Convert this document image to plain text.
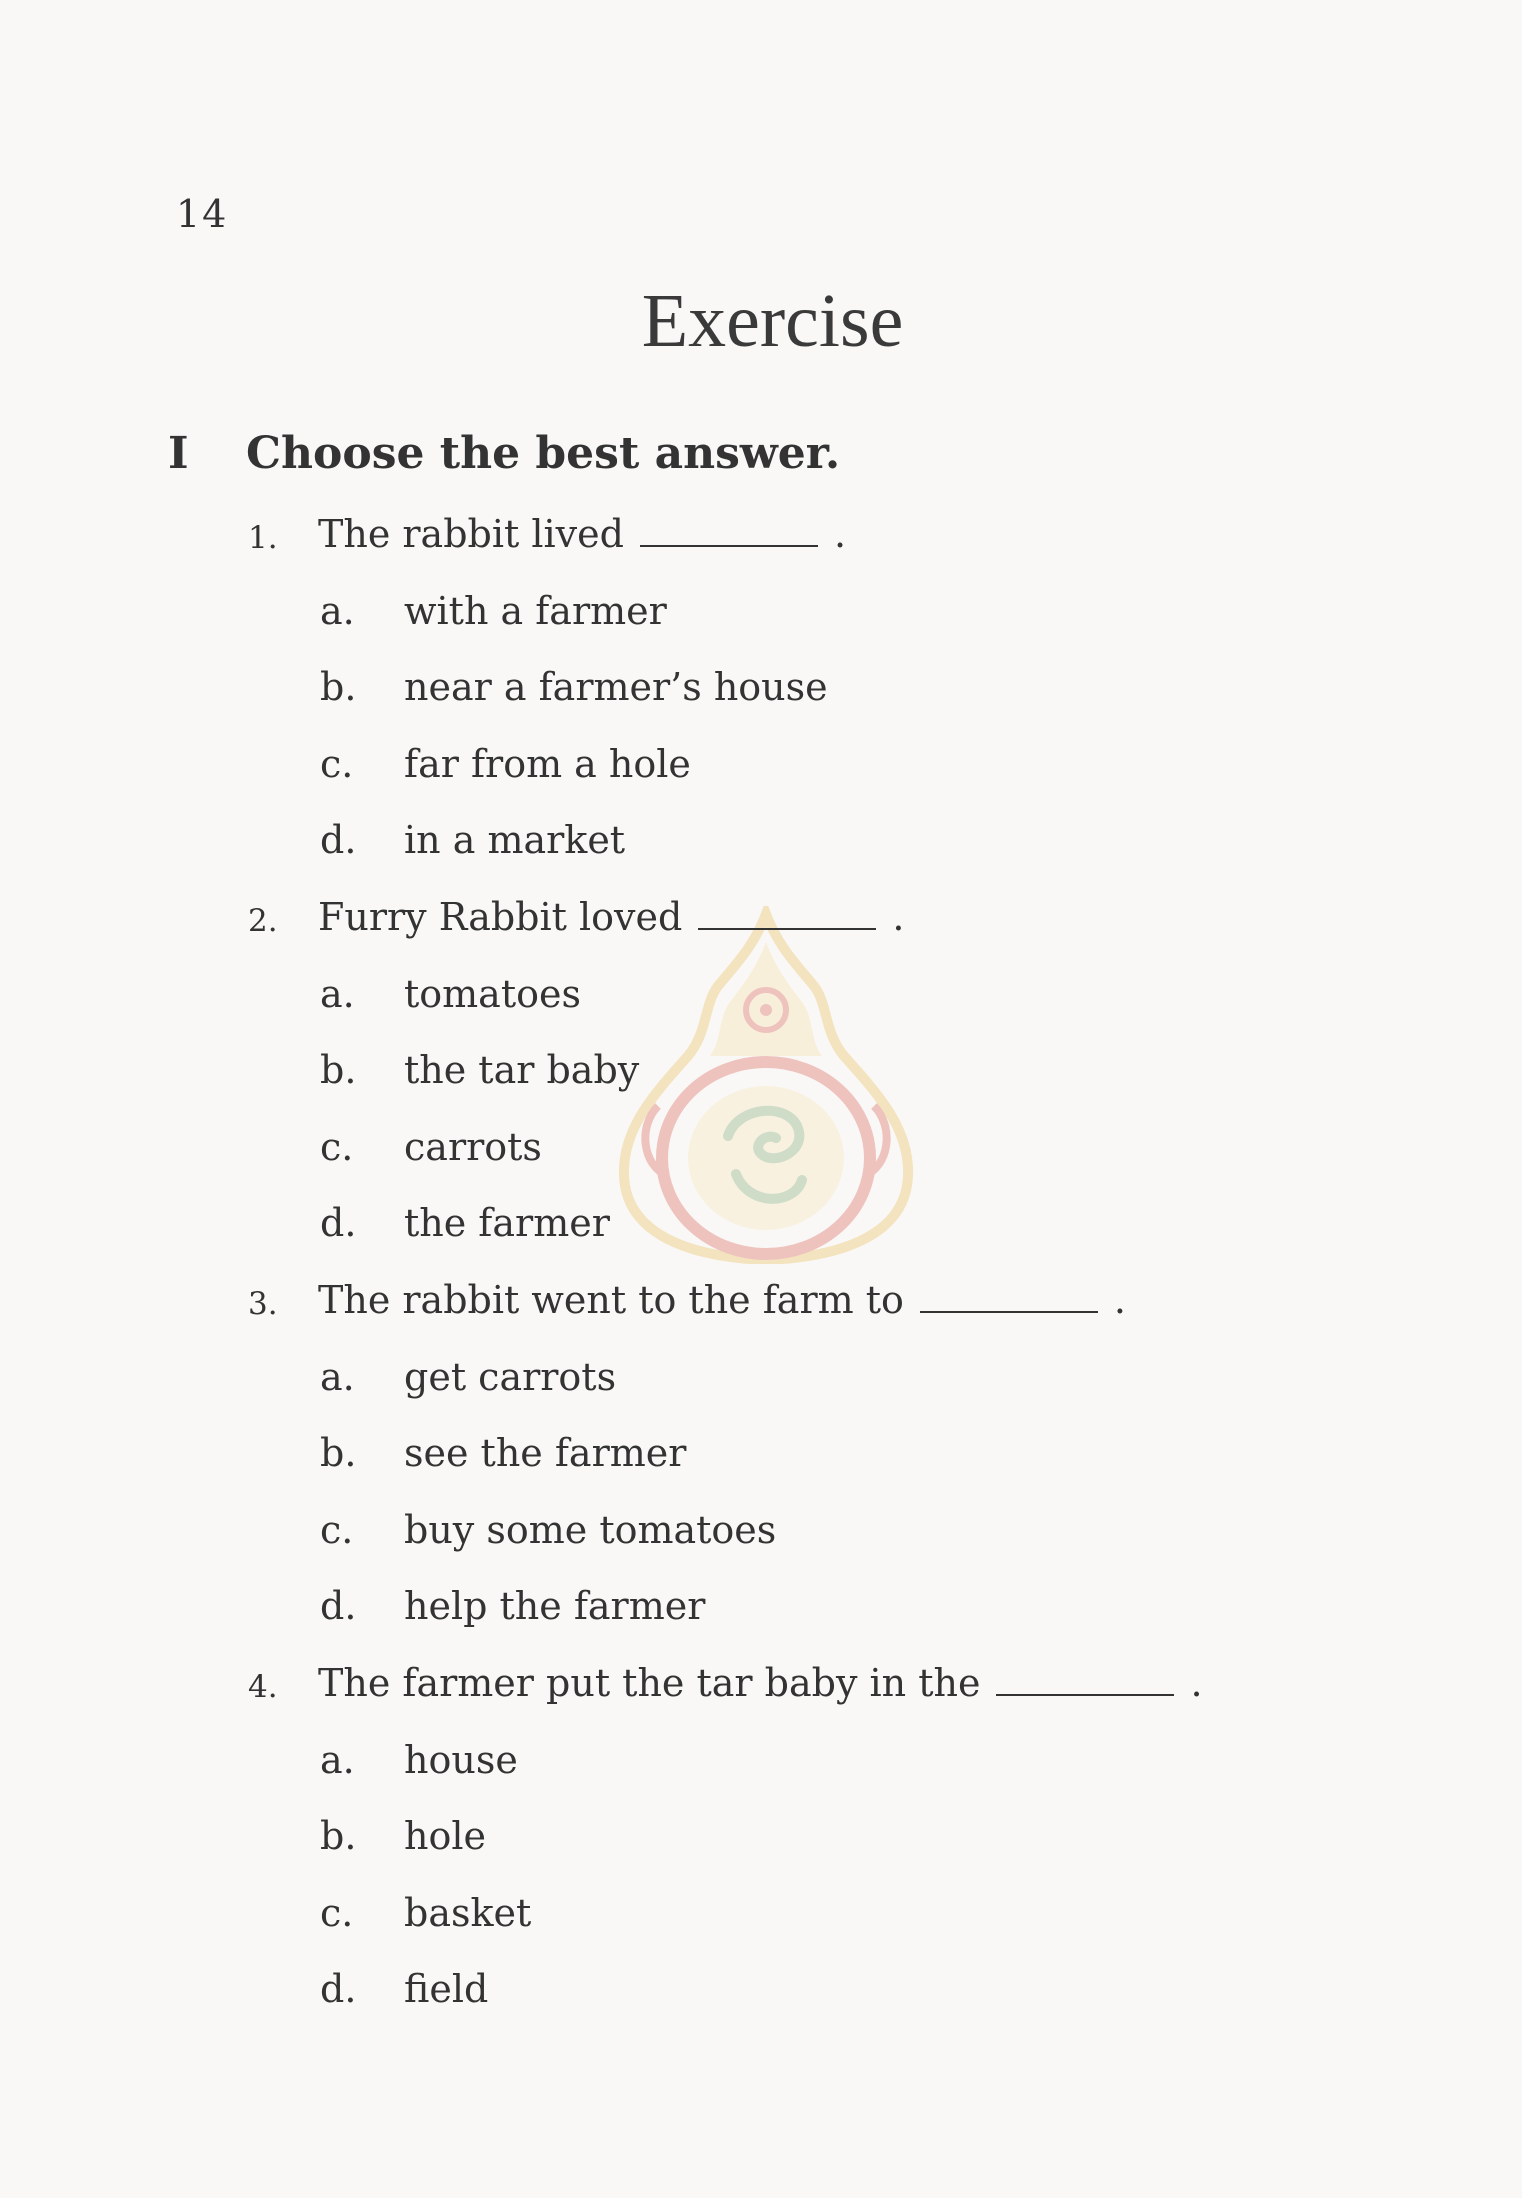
14
Exercise
I Choose the best answer.
1. The rabbit lived	.
a. with a farmer
b. near a farmer’s house
c. far from a hole
d. in a market
2. Furry Rabbit loved	.
a. tomatoes
b. the tar baby
c. carrots
d. the farmer
3. The rabbit went to the farm to	.
a. get carrots
b. see the farmer
c. buy some tomatoes
d. help the farmer
4. The farmer put the tar baby in the	.
a. house
b. hole
c. basket
d. field
